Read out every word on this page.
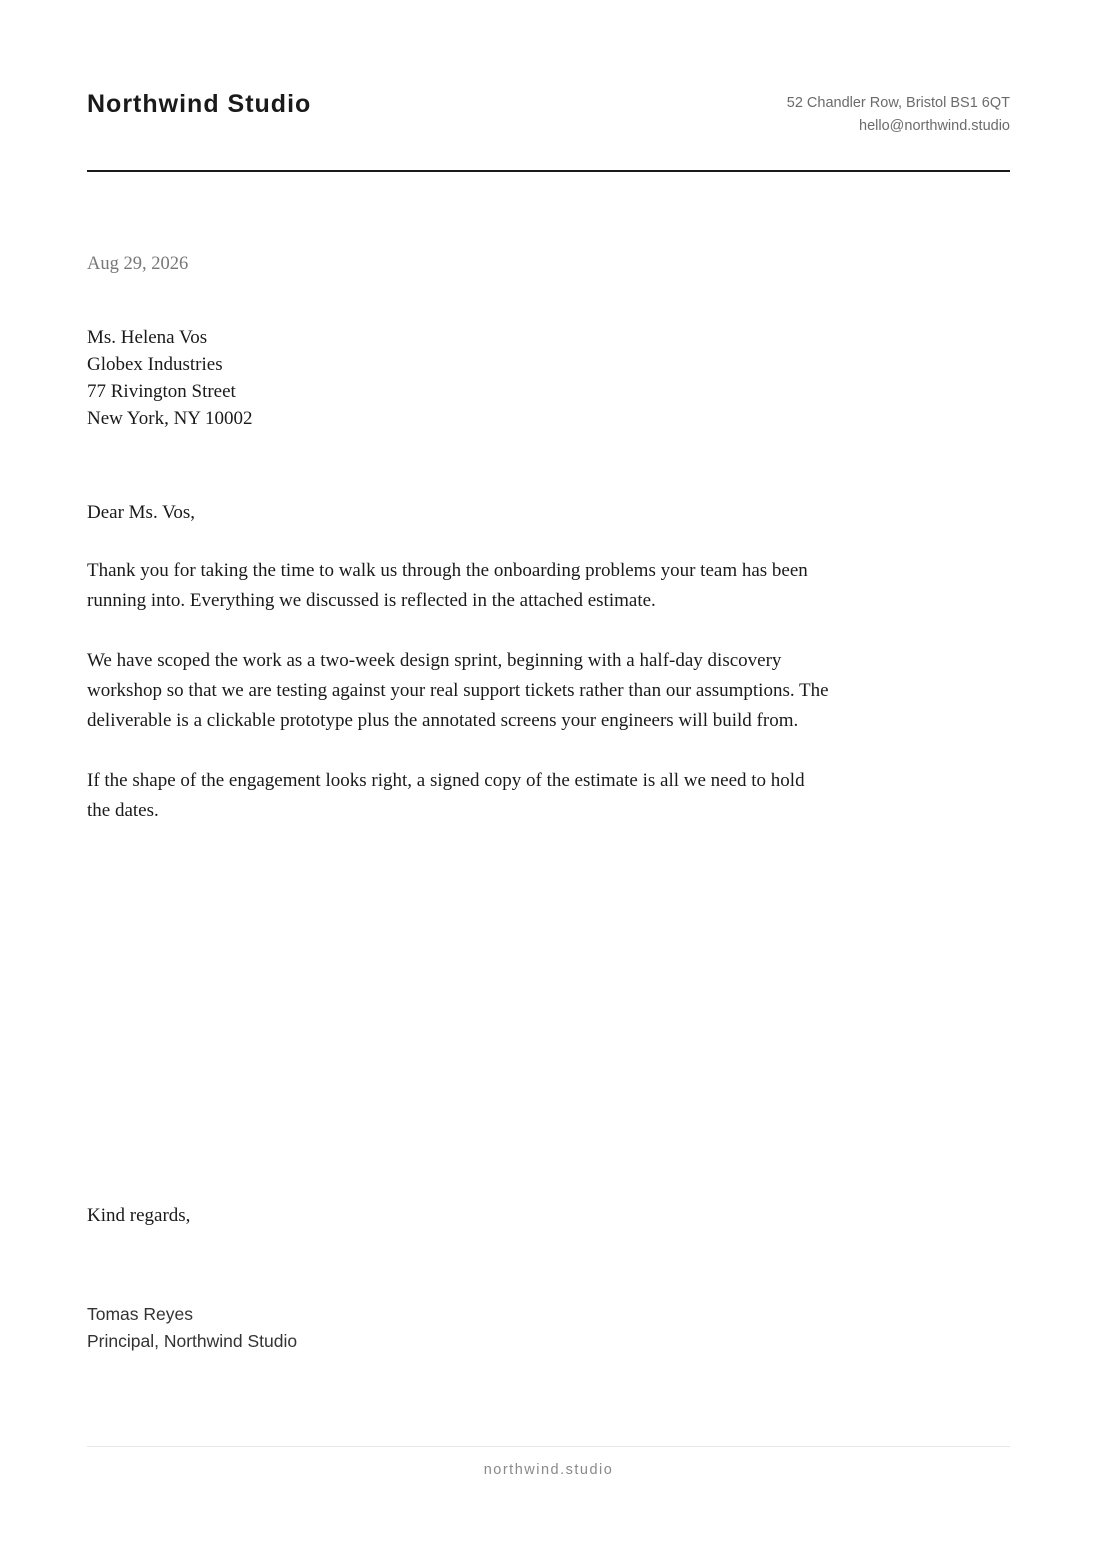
Northwind Studio	52 Chandler Row, Bristol BS1 6QT
hello@northwind.studio
Aug 29, 2026
Ms. Helena Vos
Globex Industries
77 Rivington Street
New York, NY 10002
Dear Ms. Vos,

Thank you for taking the time to walk us through the onboarding problems your team has been running into. Everything we discussed is reflected in the attached estimate.

We have scoped the work as a two-week design sprint, beginning with a half-day discovery workshop so that we are testing against your real support tickets rather than our assumptions. The deliverable is a clickable prototype plus the annotated screens your engineers will build from.

If the shape of the engagement looks right, a signed copy of the estimate is all we need to hold the dates.

Kind regards,
Tomas Reyes
Principal, Northwind Studio
northwind.studio
